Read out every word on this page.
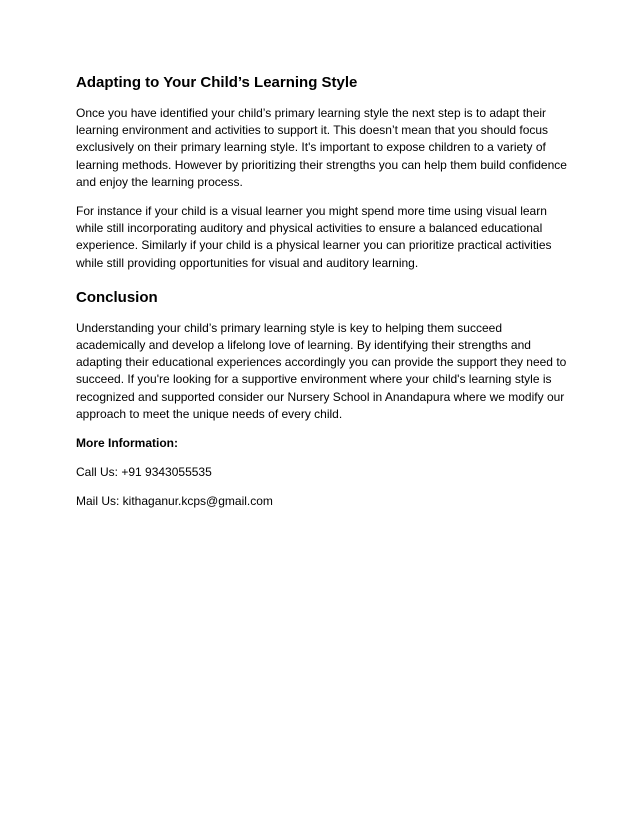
Adapting to Your Child’s Learning Style

Once you have identified your child’s primary learning style the next step is to adapt their learning environment and activities to support it. This doesn’t mean that you should focus exclusively on their primary learning style. It's important to expose children to a variety of learning methods. However by prioritizing their strengths you can help them build confidence and enjoy the learning process.

For instance if your child is a visual learner you might spend more time using visual learn while still incorporating auditory and physical activities to ensure a balanced educational experience. Similarly if your child is a physical learner you can prioritize practical activities while still providing opportunities for visual and auditory learning.

Conclusion

Understanding your child’s primary learning style is key to helping them succeed academically and develop a lifelong love of learning. By identifying their strengths and adapting their educational experiences accordingly you can provide the support they need to succeed. If you're looking for a supportive environment where your child's learning style is recognized and supported consider our Nursery School in Anandapura where we modify our approach to meet the unique needs of every child.

More Information:

Call Us: +91 9343055535

Mail Us: kithaganur.kcps@gmail.com
